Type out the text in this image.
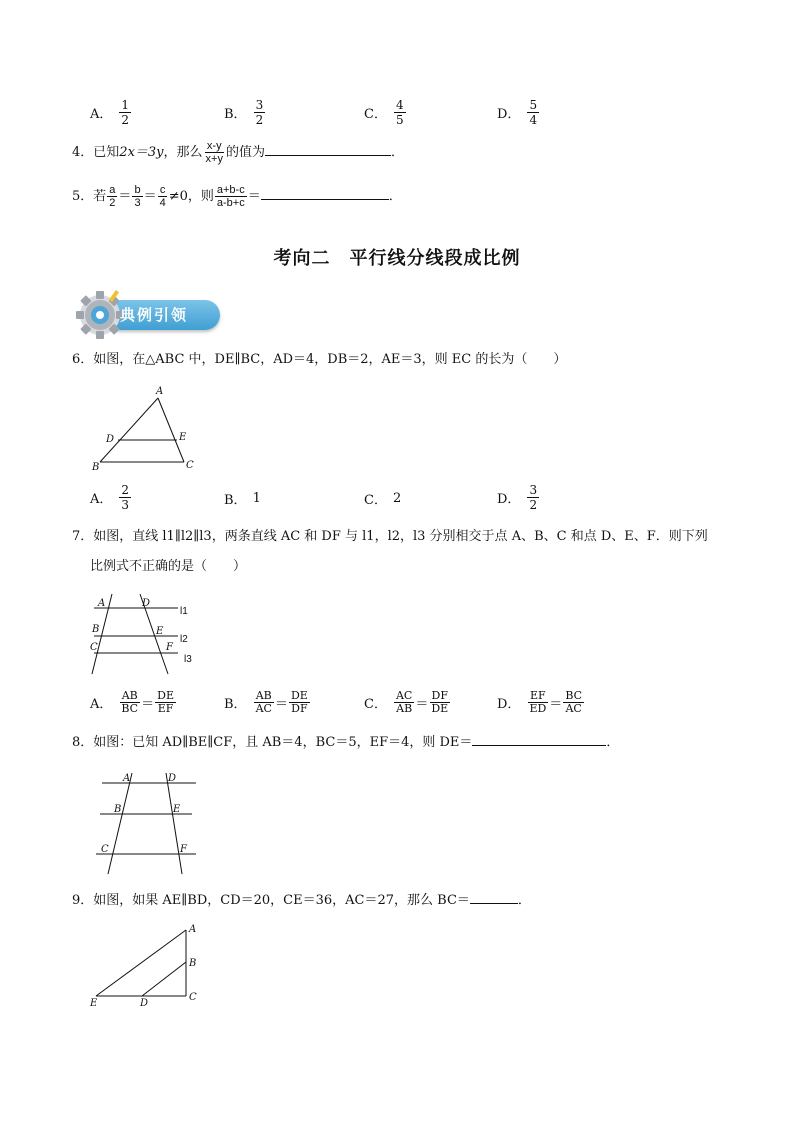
A． $\frac{1}{2}$	B． $\frac{3}{2}$	C． $\frac{4}{5}$	D． $\frac{5}{4}$
4．已知2x＝3y，那么 $\frac{x-y}{x+y}$ 的值为	．
5．若 $\frac{a}{2} = \frac{b}{3} = \frac{c}{4} \ne 0$，则 $\frac{a+b-c}{a-b+c}$ ＝	．
考向二　平行线分线段成比例
典例引领
6．如图，在△ABC 中，DE∥BC，AD＝4，DB＝2，AE＝3，则 EC 的长为（　　）
A
D	E
B	C
A． $\frac{2}{3}$	B． 1	C． 2	D． $\frac{3}{2}$
7．如图，直线 l1∥l2∥l3，两条直线 AC 和 DF 与 l1，l2，l3 分别相交于点 A、B、C 和点 D、E、F．则下列
比例式不正确的是（　　）
A	D
B	E
C	F
l1
l2
l3
A． $\frac{AB}{BC} = \frac{DE}{EF}$	B． $\frac{AB}{AC} = \frac{DE}{DF}$	C． $\frac{AC}{AB} = \frac{DF}{DE}$	D． $\frac{EF}{ED} = \frac{BC}{AC}$
8．如图：已知 AD∥BE∥CF，且 AB＝4，BC＝5，EF＝4，则 DE＝	．
A	D
B	E
C	F
9．如图，如果 AE∥BD，CD＝20，CE＝36，AC＝27，那么 BC＝	．
A
B
C
E	D
